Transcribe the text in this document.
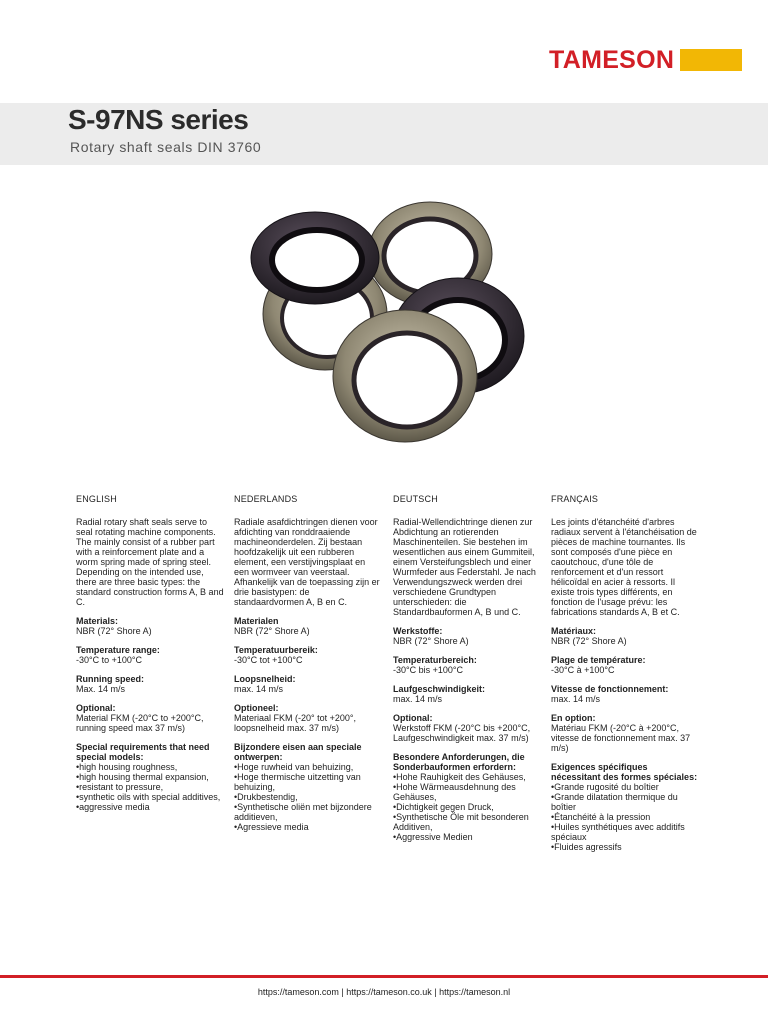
TAMESON
S-97NS series
Rotary shaft seals DIN 3760
ENGLISH
Radial rotary shaft seals serve to seal rotating machine components. The mainly consist of a rubber part with a reinforcement plate and a worm spring made of spring steel. Depending on the intended use, there are three basic types: the standard construction forms A, B and C.
Materials:
NBR (72° Shore A)
Temperature range:
-30°C to +100°C
Running speed:
Max. 14 m/s
Optional:
Material FKM (-20°C to +200°C, running speed max 37 m/s)
Special requirements that need special models:
•high housing roughness,
•high housing thermal expansion,
•resistant to pressure,
•synthetic oils with special additives,
•aggressive media
NEDERLANDS
Radiale asafdichtringen dienen voor afdichting van ronddraaiende machineonderdelen. Zij bestaan hoofdzakelijk uit een rubberen element, een verstijvingsplaat en een wormveer van veerstaal. Afhankelijk van de toepassing zijn er drie basistypen: de standaardvormen A, B en C.
Materialen
NBR (72° Shore A)
Temperatuurbereik:
-30°C tot +100°C
Loopsnelheid:
max. 14 m/s
Optioneel:
Materiaal FKM (-20° tot +200°, loopsnelheid max. 37 m/s)
Bijzondere eisen aan speciale ontwerpen:
•Hoge ruwheid van behuizing,
•Hoge thermische uitzetting van behuizing,
•Drukbestendig,
•Synthetische oliën met bijzondere additieven,
•Agressieve media
DEUTSCH
Radial-Wellendichtringe dienen zur Abdichtung an rotierenden Maschinenteilen. Sie bestehen im wesentlichen aus einem Gummiteil, einem Versteifungsblech und einer Wurmfeder aus Federstahl. Je nach Verwendungszweck werden drei verschiedene Grundtypen unterschieden: die Standardbauformen A, B und C.
Werkstoffe:
NBR (72° Shore A)
Temperaturbereich:
-30°C bis +100°C
Laufgeschwindigkeit:
max. 14 m/s
Optional:
Werkstoff FKM (-20°C bis +200°C, Laufgeschwindigkeit max. 37 m/s)
Besondere Anforderungen, die Sonderbauformen erfordern:
•Hohe Rauhigkeit des Gehäuses,
•Hohe Wärmeausdehnung des Gehäuses,
•Dichtigkeit gegen Druck,
•Synthetische Öle mit besonderen Additiven,
•Aggressive Medien
FRANÇAIS
Les joints d'étanchéité d'arbres radiaux servent à l'étanchéisation de pièces de machine tournantes. Ils sont composés d'une pièce en caoutchouc, d'une tôle de renforcement et d'un ressort hélicoïdal en acier à ressorts. Il existe trois types différents, en fonction de l'usage prévu: les fabrications standards A, B et C.
Matériaux:
NBR (72° Shore A)
Plage de température:
-30°C à +100°C
Vitesse de fonctionnement:
max. 14 m/s
En option:
Matériau FKM (-20°C à +200°C, vitesse de fonctionnement max. 37 m/s)
Exigences spécifiques nécessitant des formes spéciales:
•Grande rugosité du boîtier
•Grande dilatation thermique du boîtier
•Étanchéité à la pression
•Huiles synthétiques avec additifs spéciaux
•Fluides agressifs
https://tameson.com | https://tameson.co.uk | https://tameson.nl
